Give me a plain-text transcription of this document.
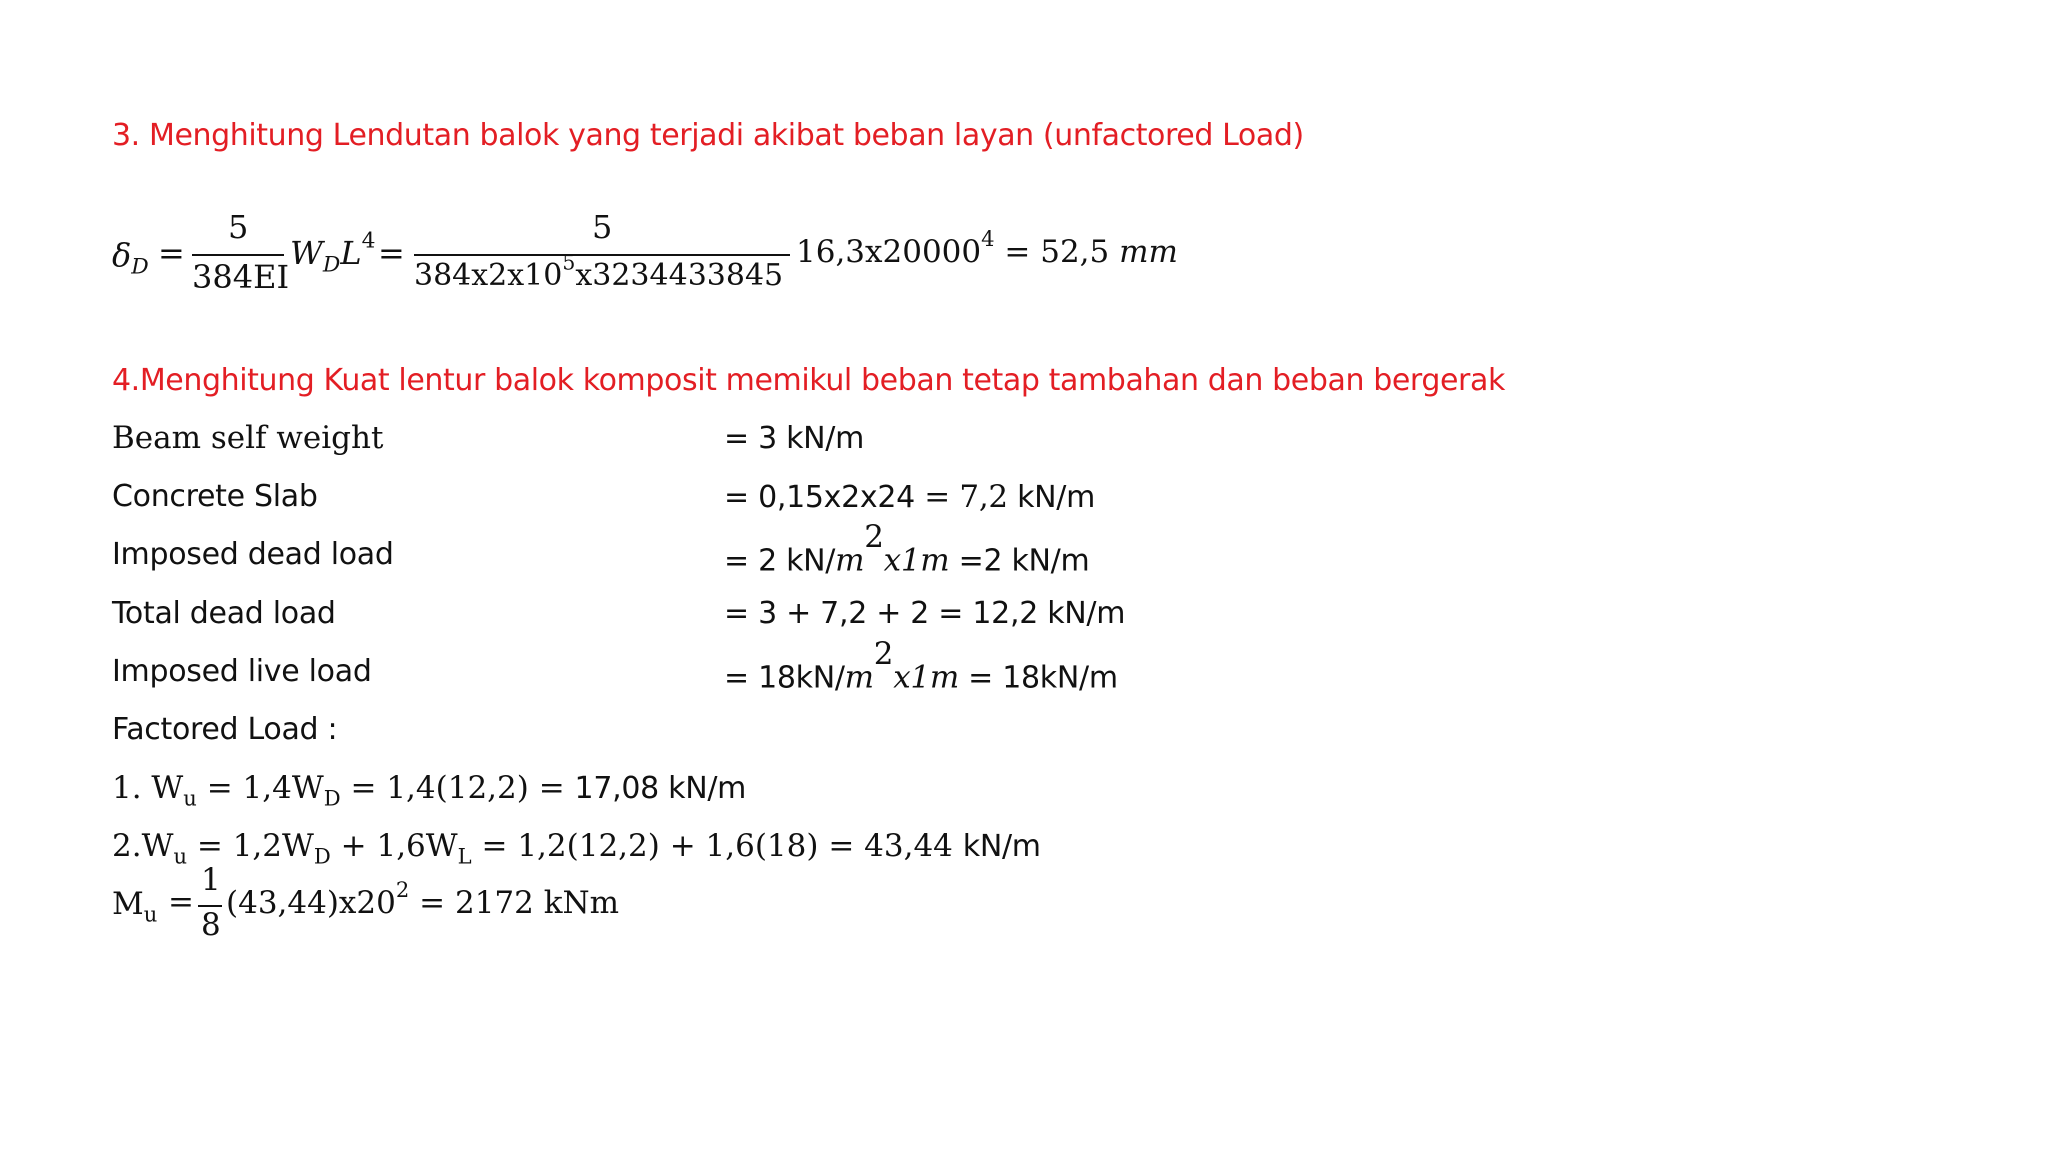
3. Menghitung Lendutan balok yang terjadi akibat beban layan (unfactored Load)
$\delta_D$ =
5
384EI
$W_DL^4$ =
5
$384x2x10^5x3234433845$
$16,3x20000^4 = 52,5$ mm
4.Menghitung Kuat lentur balok komposit memikul beban tetap tambahan dan beban bergerak
Beam self weight	= 3 kN/m
Concrete Slab	= 0,15x2x24 = 7,2 kN/m
Imposed dead load	= 2 $kN/m^2x1m =2$ kN/m
Total dead load	= 3 + 7,2 + 2 = 12,2 kN/m
Imposed live load	= $18kN/m^2x1m = 18kN/m$
Factored Load :
1. $W_u = 1,4W_D = 1,4(12,2) = 17,08$ kN/m
$2.W_u = 1,2W_D + 1,6W_L = 1,2(12,2) + 1,6(18) = 43,44$ kN/m
$M_u$ =
1
8
$(43,44)x20^2 = 2172$ kNm
